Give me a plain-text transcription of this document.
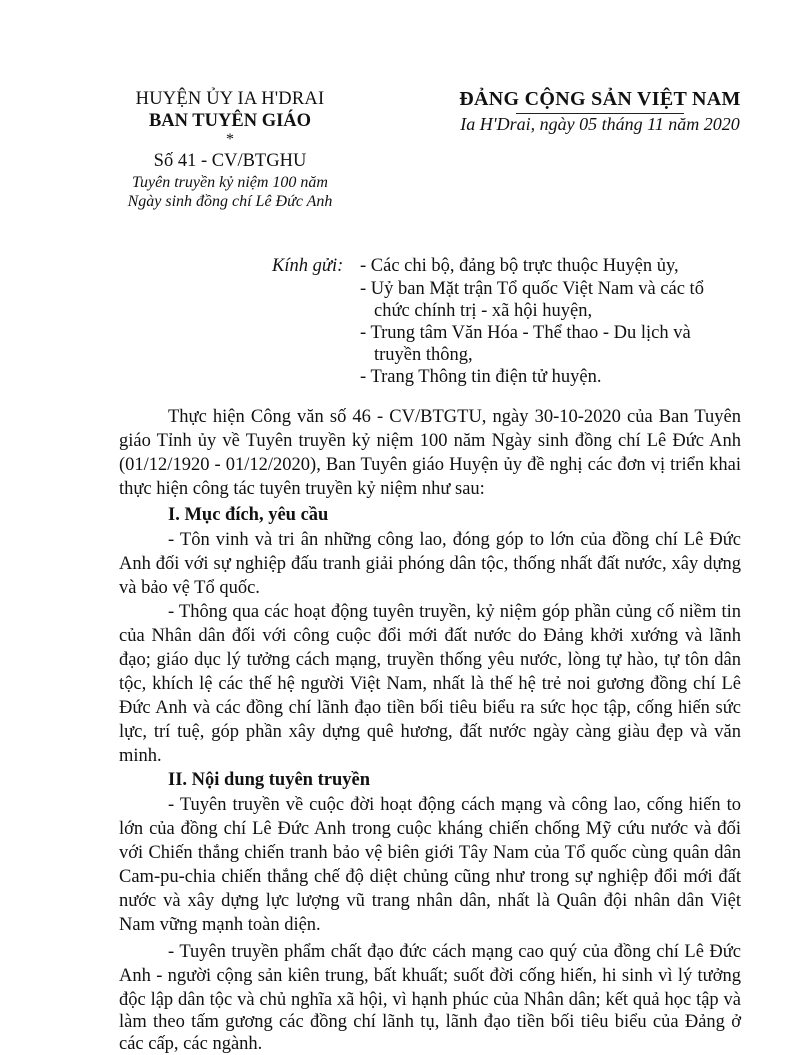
HUYỆN ỦY IA H'DRAI
BAN TUYÊN GIÁO
*
Số 41 - CV/BTGHU
Tuyên truyền kỷ niệm 100 năm
Ngày sinh đồng chí Lê Đức Anh
ĐẢNG CỘNG SẢN VIỆT NAM
Ia H'Drai, ngày 05 tháng 11 năm 2020
Kính gửi: - Các chi bộ, đảng bộ trực thuộc Huyện ủy,
- Uỷ ban Mặt trận Tổ quốc Việt Nam và các tổ
chức chính trị - xã hội huyện,
- Trung tâm Văn Hóa - Thể thao - Du lịch và
truyền thông,
- Trang Thông tin điện tử huyện.
Thực hiện Công văn số 46 - CV/BTGTU, ngày 30-10-2020 của Ban Tuyên
giáo Tỉnh ủy về Tuyên truyền kỷ niệm 100 năm Ngày sinh đồng chí Lê Đức Anh
(01/12/1920 - 01/12/2020), Ban Tuyên giáo Huyện ủy đề nghị các đơn vị triển khai
thực hiện công tác tuyên truyền kỷ niệm như sau:
I. Mục đích, yêu cầu
- Tôn vinh và tri ân những công lao, đóng góp to lớn của đồng chí Lê Đức
Anh đối với sự nghiệp đấu tranh giải phóng dân tộc, thống nhất đất nước, xây dựng
và bảo vệ Tổ quốc.
- Thông qua các hoạt động tuyên truyền, kỷ niệm góp phần củng cố niềm tin
của Nhân dân đối với công cuộc đổi mới đất nước do Đảng khởi xướng và lãnh
đạo; giáo dục lý tưởng cách mạng, truyền thống yêu nước, lòng tự hào, tự tôn dân
tộc, khích lệ các thế hệ người Việt Nam, nhất là thế hệ trẻ noi gương đồng chí Lê
Đức Anh và các đồng chí lãnh đạo tiền bối tiêu biểu ra sức học tập, cống hiến sức
lực, trí tuệ, góp phần xây dựng quê hương, đất nước ngày càng giàu đẹp và văn
minh.
II. Nội dung tuyên truyền
- Tuyên truyền về cuộc đời hoạt động cách mạng và công lao, cống hiến to
lớn của đồng chí Lê Đức Anh trong cuộc kháng chiến chống Mỹ cứu nước và đối
với Chiến thắng chiến tranh bảo vệ biên giới Tây Nam của Tổ quốc cùng quân dân
Cam-pu-chia chiến thắng chế độ diệt chủng cũng như trong sự nghiệp đổi mới đất
nước và xây dựng lực lượng vũ trang nhân dân, nhất là Quân đội nhân dân Việt
Nam vững mạnh toàn diện.
- Tuyên truyền phẩm chất đạo đức cách mạng cao quý của đồng chí Lê Đức
Anh - người cộng sản kiên trung, bất khuất; suốt đời cống hiến, hi sinh vì lý tưởng
độc lập dân tộc và chủ nghĩa xã hội, vì hạnh phúc của Nhân dân; kết quả học tập và
làm theo tấm gương các đồng chí lãnh tụ, lãnh đạo tiền bối tiêu biểu của Đảng ở
các cấp, các ngành.
